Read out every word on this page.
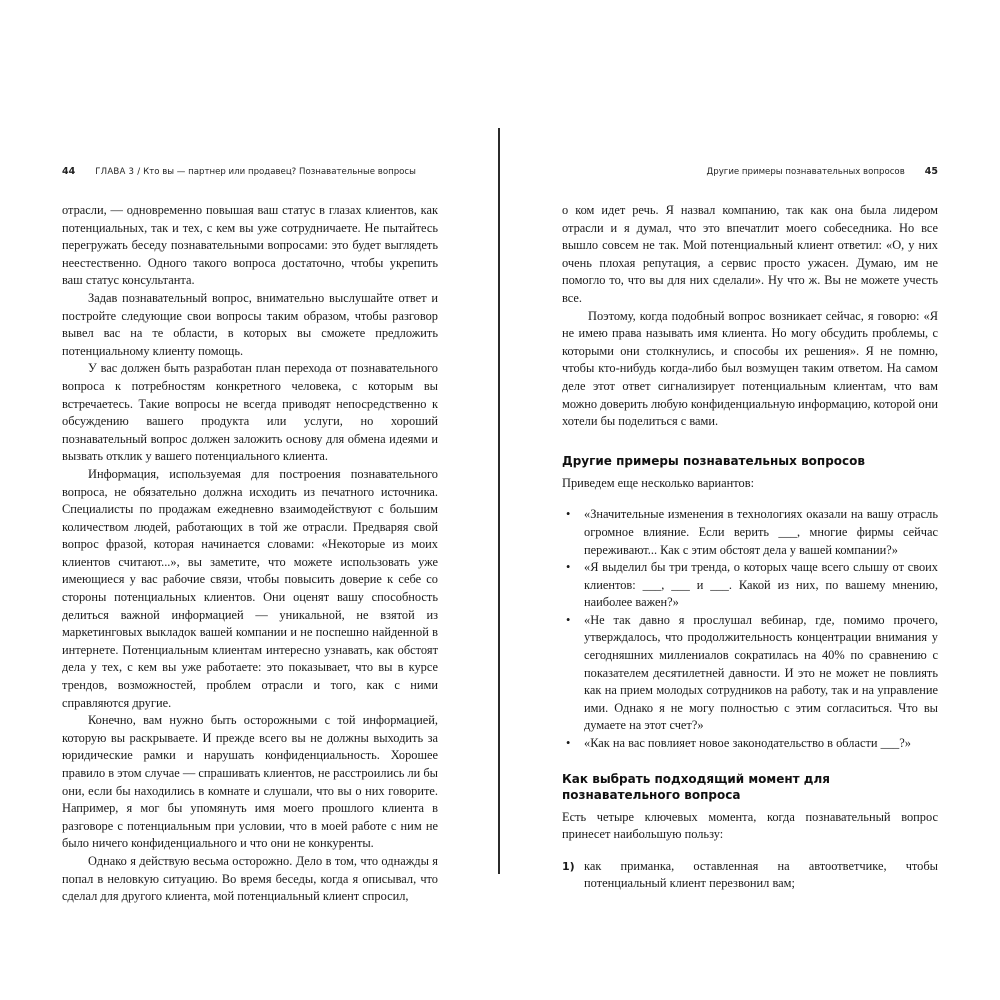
44 ГЛАВА 3 / Кто вы — партнер или продавец? Познавательные вопросы

отрасли, — одновременно повышая ваш статус в глазах клиентов, как потенциальных, так и тех, с кем вы уже сотрудничаете. Не пытайтесь перегружать беседу познавательными вопросами: это будет выглядеть неестественно. Одного такого вопроса достаточно, чтобы укрепить ваш статус консультанта.

Задав познавательный вопрос, внимательно выслушайте ответ и постройте следующие свои вопросы таким образом, чтобы разговор вывел вас на те области, в которых вы сможете предложить потенциальному клиенту помощь.

У вас должен быть разработан план перехода от познавательного вопроса к потребностям конкретного человека, с которым вы встречаетесь. Такие вопросы не всегда приводят непосредственно к обсуждению вашего продукта или услуги, но хороший познавательный вопрос должен заложить основу для обмена идеями и вызвать отклик у вашего потенциального клиента.

Информация, используемая для построения познавательного вопроса, не обязательно должна исходить из печатного источника. Специалисты по продажам ежедневно взаимодействуют с большим количеством людей, работающих в той же отрасли. Предваряя свой вопрос фразой, которая начинается словами: «Некоторые из моих клиентов считают...», вы заметите, что можете использовать уже имеющиеся у вас рабочие связи, чтобы повысить доверие к себе со стороны потенциальных клиентов. Они оценят вашу способность делиться важной информацией — уникальной, не взятой из маркетинговых выкладок вашей компании и не поспешно найденной в интернете. Потенциальным клиентам интересно узнавать, как обстоят дела у тех, с кем вы уже работаете: это показывает, что вы в курсе трендов, возможностей, проблем отрасли и того, как с ними справляются другие.

Конечно, вам нужно быть осторожными с той информацией, которую вы раскрываете. И прежде всего вы не должны выходить за юридические рамки и нарушать конфиденциальность. Хорошее правило в этом случае — спрашивать клиентов, не расстроились ли бы они, если бы находились в комнате и слушали, что вы о них говорите. Например, я мог бы упомянуть имя моего прошлого клиента в разговоре с потенциальным при условии, что в моей работе с ним не было ничего конфиденциального и что они не конкуренты.

Однако я действую весьма осторожно. Дело в том, что однажды я попал в неловкую ситуацию. Во время беседы, когда я описывал, что сделал для другого клиента, мой потенциальный клиент спросил,

Другие примеры познавательных вопросов 45

о ком идет речь. Я назвал компанию, так как она была лидером отрасли и я думал, что это впечатлит моего собеседника. Но все вышло совсем не так. Мой потенциальный клиент ответил: «О, у них очень плохая репутация, а сервис просто ужасен. Думаю, им не помогло то, что вы для них сделали». Ну что ж. Вы не можете учесть все.

Поэтому, когда подобный вопрос возникает сейчас, я говорю: «Я не имею права называть имя клиента. Но могу обсудить проблемы, с которыми они столкнулись, и способы их решения». Я не помню, чтобы кто-нибудь когда-либо был возмущен таким ответом. На самом деле этот ответ сигнализирует потенциальным клиентам, что вам можно доверить любую конфиденциальную информацию, которой они хотели бы поделиться с вами.

Другие примеры познавательных вопросов

Приведем еще несколько вариантов:

• «Значительные изменения в технологиях оказали на вашу отрасль огромное влияние. Если верить ___, многие фирмы сейчас переживают... Как с этим обстоят дела у вашей компании?»
• «Я выделил бы три тренда, о которых чаще всего слышу от своих клиентов: ___, ___ и ___. Какой из них, по вашему мнению, наиболее важен?»
• «Не так давно я прослушал вебинар, где, помимо прочего, утверждалось, что продолжительность концентрации внимания у сегодняшних миллениалов сократилась на 40% по сравнению с показателем десятилетней давности. И это не может не повлиять как на прием молодых сотрудников на работу, так и на управление ими. Однако я не могу полностью с этим согласиться. Что вы думаете на этот счет?»
• «Как на вас повлияет новое законодательство в области ___?»
Как выбрать подходящий момент для познавательного вопроса

Есть четыре ключевых момента, когда познавательный вопрос принесет наибольшую пользу:

1) как приманка, оставленная на автоответчике, чтобы потенциальный клиент перезвонил вам;
